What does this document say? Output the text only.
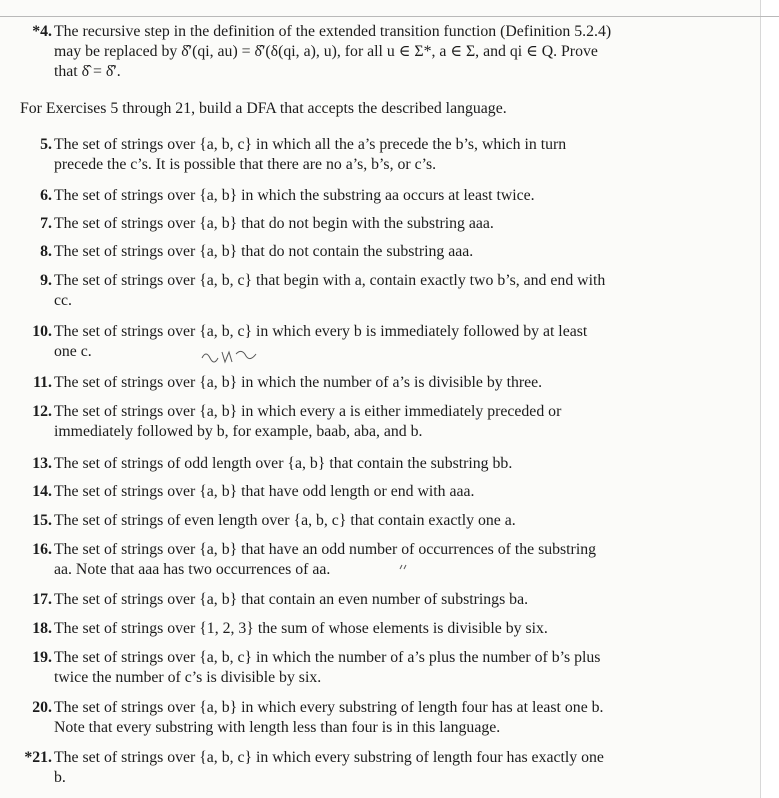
*4. The recursive step in the definition of the extended transition function (Definition 5.2.4)
may be replaced by δ̂′(qi, au) = δ̂′(δ(qi, a), u), for all u ∈ Σ*, a ∈ Σ, and qi ∈ Q. Prove
that δ̂ = δ̂′.
For Exercises 5 through 21, build a DFA that accepts the described language.
5. The set of strings over {a, b, c} in which all the a’s precede the b’s, which in turn
precede the c’s. It is possible that there are no a’s, b’s, or c’s.
6. The set of strings over {a, b} in which the substring aa occurs at least twice.
7. The set of strings over {a, b} that do not begin with the substring aaa.
8. The set of strings over {a, b} that do not contain the substring aaa.
9. The set of strings over {a, b, c} that begin with a, contain exactly two b’s, and end with
cc.
10. The set of strings over {a, b, c} in which every b is immediately followed by at least
one c.
11. The set of strings over {a, b} in which the number of a’s is divisible by three.
12. The set of strings over {a, b} in which every a is either immediately preceded or
immediately followed by b, for example, baab, aba, and b.
13. The set of strings of odd length over {a, b} that contain the substring bb.
14. The set of strings over {a, b} that have odd length or end with aaa.
15. The set of strings of even length over {a, b, c} that contain exactly one a.
16. The set of strings over {a, b} that have an odd number of occurrences of the substring
aa. Note that aaa has two occurrences of aa.
17. The set of strings over {a, b} that contain an even number of substrings ba.
18. The set of strings over {1, 2, 3} the sum of whose elements is divisible by six.
19. The set of strings over {a, b, c} in which the number of a’s plus the number of b’s plus
twice the number of c’s is divisible by six.
20. The set of strings over {a, b} in which every substring of length four has at least one b.
Note that every substring with length less than four is in this language.
*21. The set of strings over {a, b, c} in which every substring of length four has exactly one
b.
